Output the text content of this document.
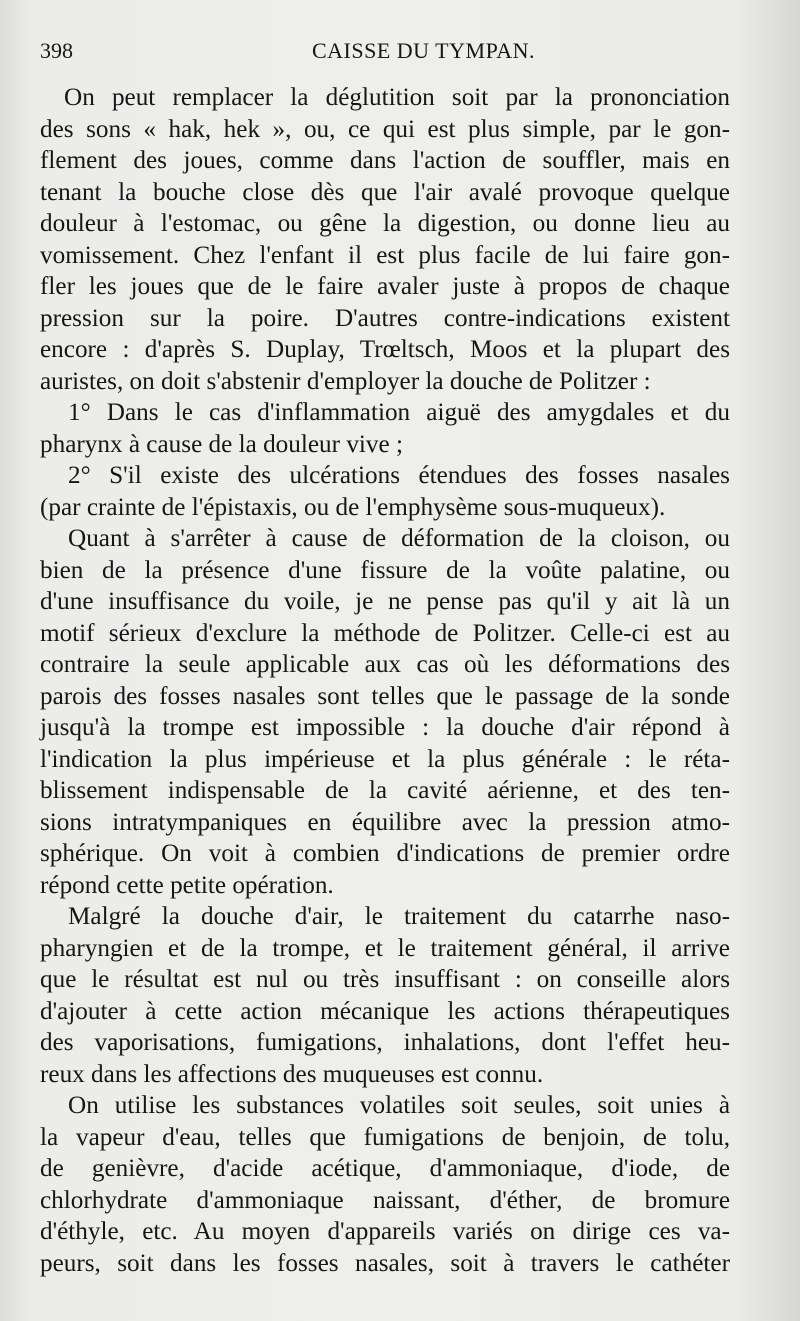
398	CAISSE DU TYMPAN.
On peut remplacer la déglutition soit par la prononciation
des sons « hak, hek », ou, ce qui est plus simple, par le gon-
flement des joues, comme dans l'action de souffler, mais en
tenant la bouche close dès que l'air avalé provoque quelque
douleur à l'estomac, ou gêne la digestion, ou donne lieu au
vomissement. Chez l'enfant il est plus facile de lui faire gon-
fler les joues que de le faire avaler juste à propos de chaque
pression sur la poire. D'autres contre-indications existent
encore : d'après S. Duplay, Trœltsch, Moos et la plupart des
auristes, on doit s'abstenir d'employer la douche de Politzer :
1° Dans le cas d'inflammation aiguë des amygdales et du
pharynx à cause de la douleur vive ;
2° S'il existe des ulcérations étendues des fosses nasales
(par crainte de l'épistaxis, ou de l'emphysème sous-muqueux).
Quant à s'arrêter à cause de déformation de la cloison, ou
bien de la présence d'une fissure de la voûte palatine, ou
d'une insuffisance du voile, je ne pense pas qu'il y ait là un
motif sérieux d'exclure la méthode de Politzer. Celle-ci est au
contraire la seule applicable aux cas où les déformations des
parois des fosses nasales sont telles que le passage de la sonde
jusqu'à la trompe est impossible : la douche d'air répond à
l'indication la plus impérieuse et la plus générale : le réta-
blissement indispensable de la cavité aérienne, et des ten-
sions intratympaniques en équilibre avec la pression atmo-
sphérique. On voit à combien d'indications de premier ordre
répond cette petite opération.
Malgré la douche d'air, le traitement du catarrhe naso-
pharyngien et de la trompe, et le traitement général, il arrive
que le résultat est nul ou très insuffisant : on conseille alors
d'ajouter à cette action mécanique les actions thérapeutiques
des vaporisations, fumigations, inhalations, dont l'effet heu-
reux dans les affections des muqueuses est connu.
On utilise les substances volatiles soit seules, soit unies à
la vapeur d'eau, telles que fumigations de benjoin, de tolu,
de genièvre, d'acide acétique, d'ammoniaque, d'iode, de
chlorhydrate d'ammoniaque naissant, d'éther, de bromure
d'éthyle, etc. Au moyen d'appareils variés on dirige ces va-
peurs, soit dans les fosses nasales, soit à travers le cathéter
